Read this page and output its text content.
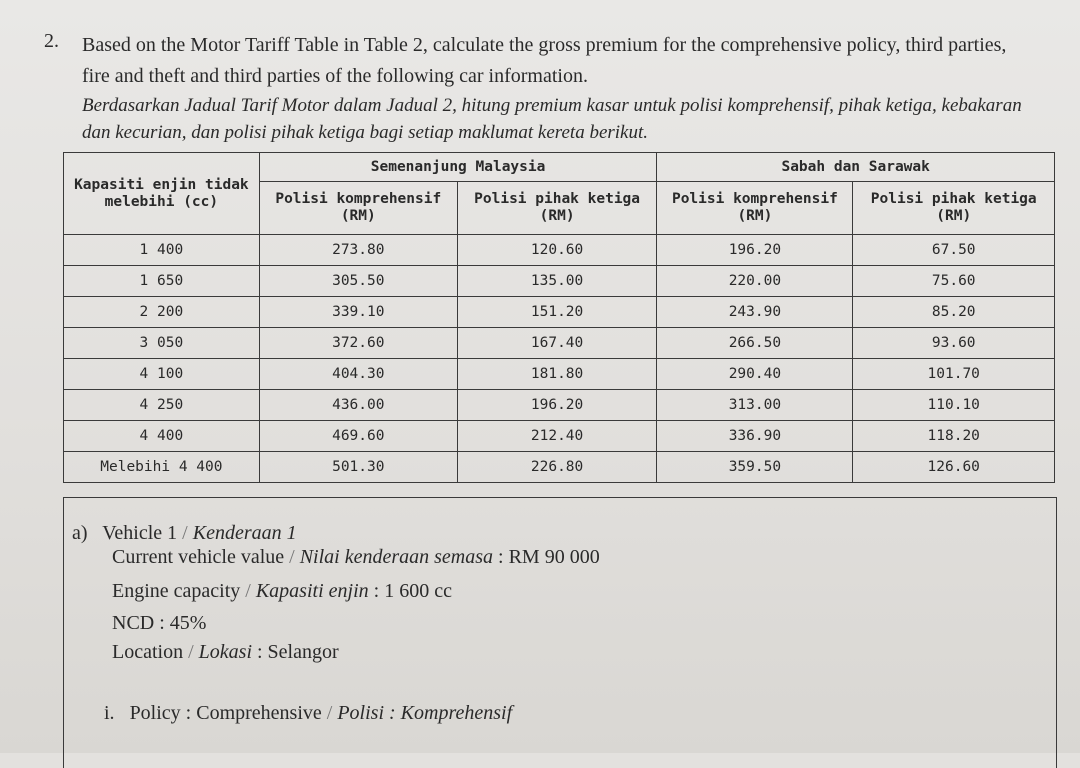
2. Based on the Motor Tariff Table in Table 2, calculate the gross premium for the comprehensive policy, third parties, fire and theft and third parties of the following car information.
Berdasarkan Jadual Tarif Motor dalam Jadual 2, hitung premium kasar untuk polisi komprehensif, pihak ketiga, kebakaran dan kecurian, dan polisi pihak ketiga bagi setiap maklumat kereta berikut.
Kapasiti enjin tidak melebihi (cc)	Semenanjung Malaysia		Sabah dan Sarawak	
	Polisi komprehensif (RM)	Polisi pihak ketiga (RM)	Polisi komprehensif (RM)	Polisi pihak ketiga (RM)
1 400	273.80	120.60	196.20	67.50
1 650	305.50	135.00	220.00	75.60
2 200	339.10	151.20	243.90	85.20
3 050	372.60	167.40	266.50	93.60
4 100	404.30	181.80	290.40	101.70
4 250	436.00	196.20	313.00	110.10
4 400	469.60	212.40	336.90	118.20
Melebihi 4 400	501.30	226.80	359.50	126.60
a) Vehicle 1 / Kenderaan 1
Current vehicle value / Nilai kenderaan semasa : RM 90 000
Engine capacity / Kapasiti enjin : 1 600 cc
NCD : 45%
Location / Lokasi : Selangor
i. Policy : Comprehensive / Polisi : Komprehensif
